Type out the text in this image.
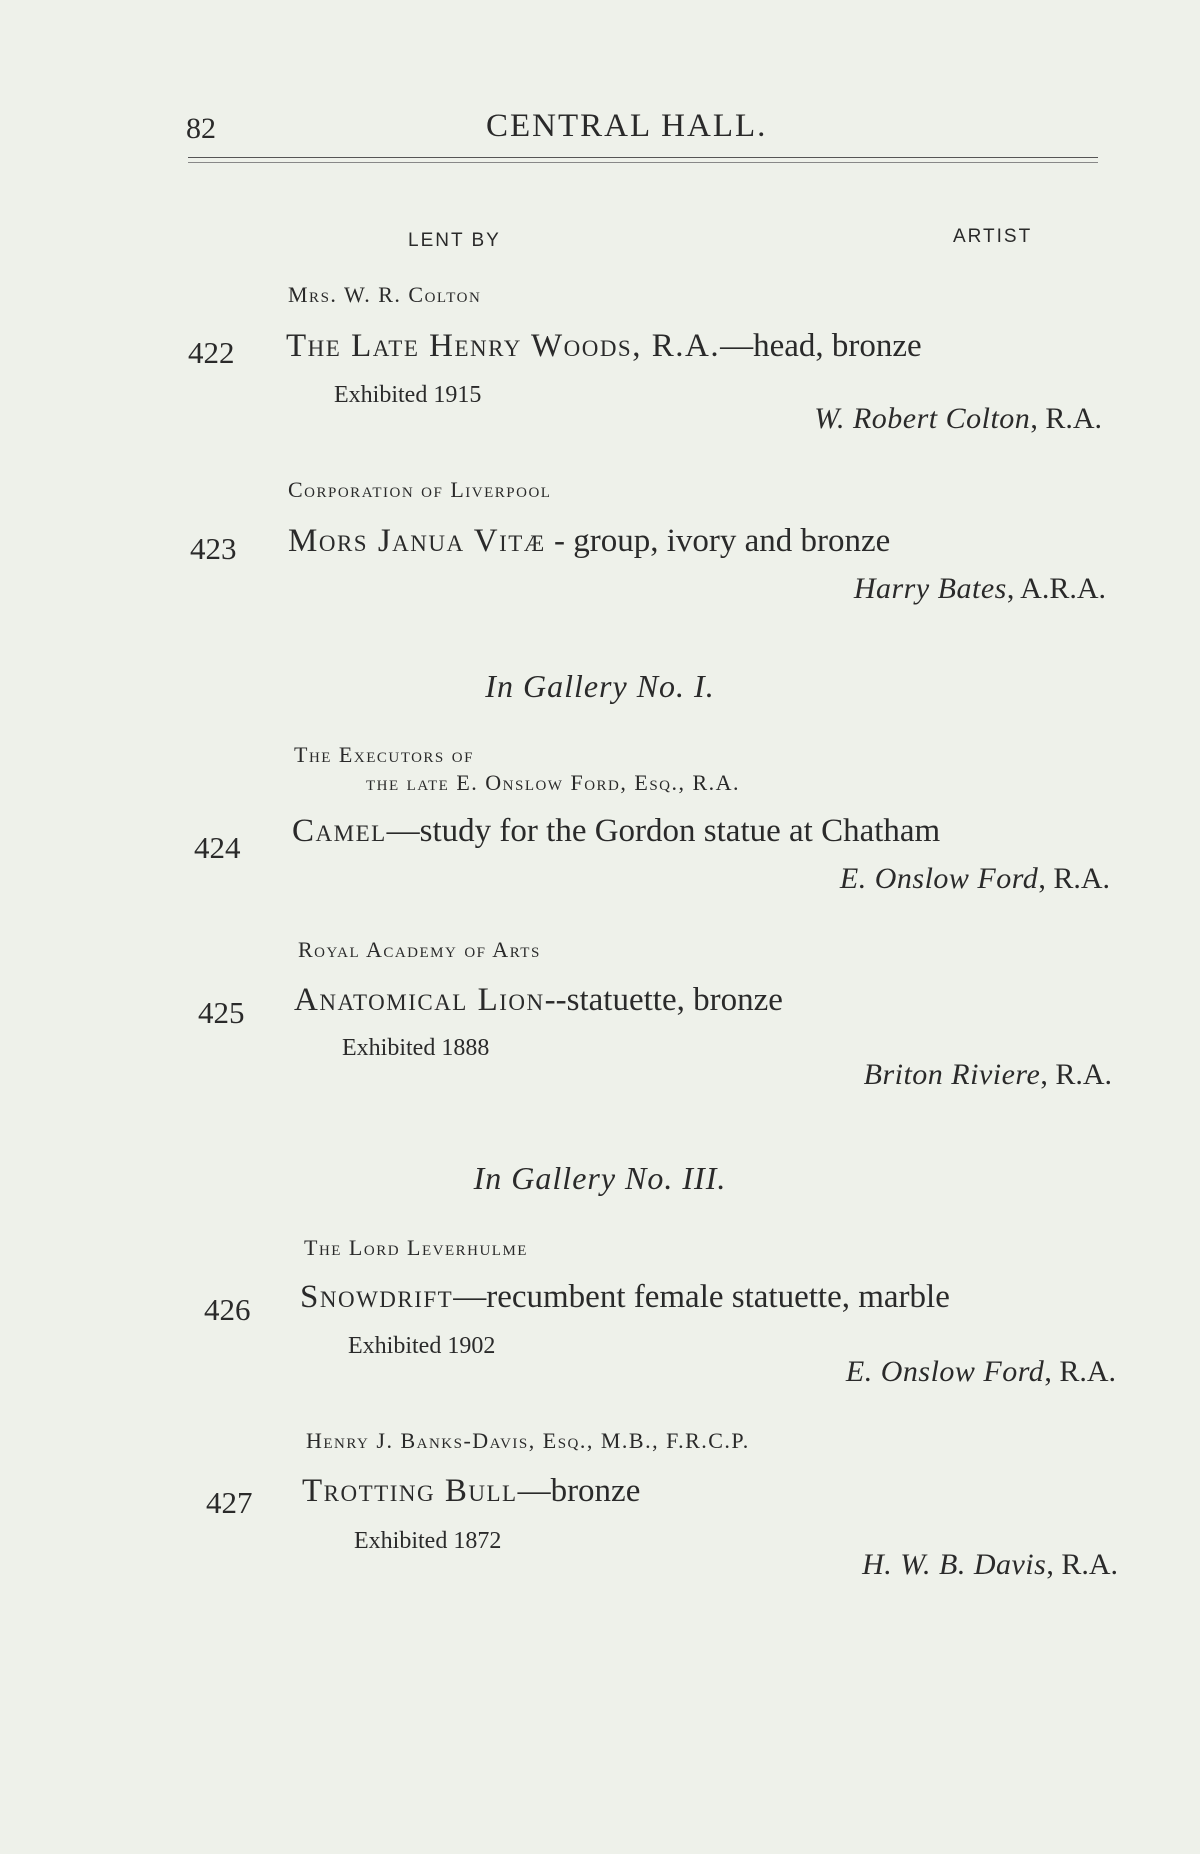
82	CENTRAL HALL.
LENT BY	ARTIST
Mrs. W. R. Colton
422 The Late Henry Woods, R.A.—head, bronze
Exhibited 1915
W. Robert Colton, R.A.
Corporation of Liverpool
423 Mors Janua Vitæ - group, ivory and bronze
Harry Bates, A.R.A.
In Gallery No. I.
The Executors of
the late E. Onslow Ford, Esq., R.A.
424 Camel—study for the Gordon statue at Chatham
E. Onslow Ford, R.A.
Royal Academy of Arts
425 Anatomical Lion--statuette, bronze
Exhibited 1888
Briton Riviere, R.A.
In Gallery No. III.
The Lord Leverhulme
426 Snowdrift—recumbent female statuette, marble
Exhibited 1902
E. Onslow Ford, R.A.
Henry J. Banks-Davis, Esq., M.B., F.R.C.P.
427 Trotting Bull—bronze
Exhibited 1872
H. W. B. Davis, R.A.
